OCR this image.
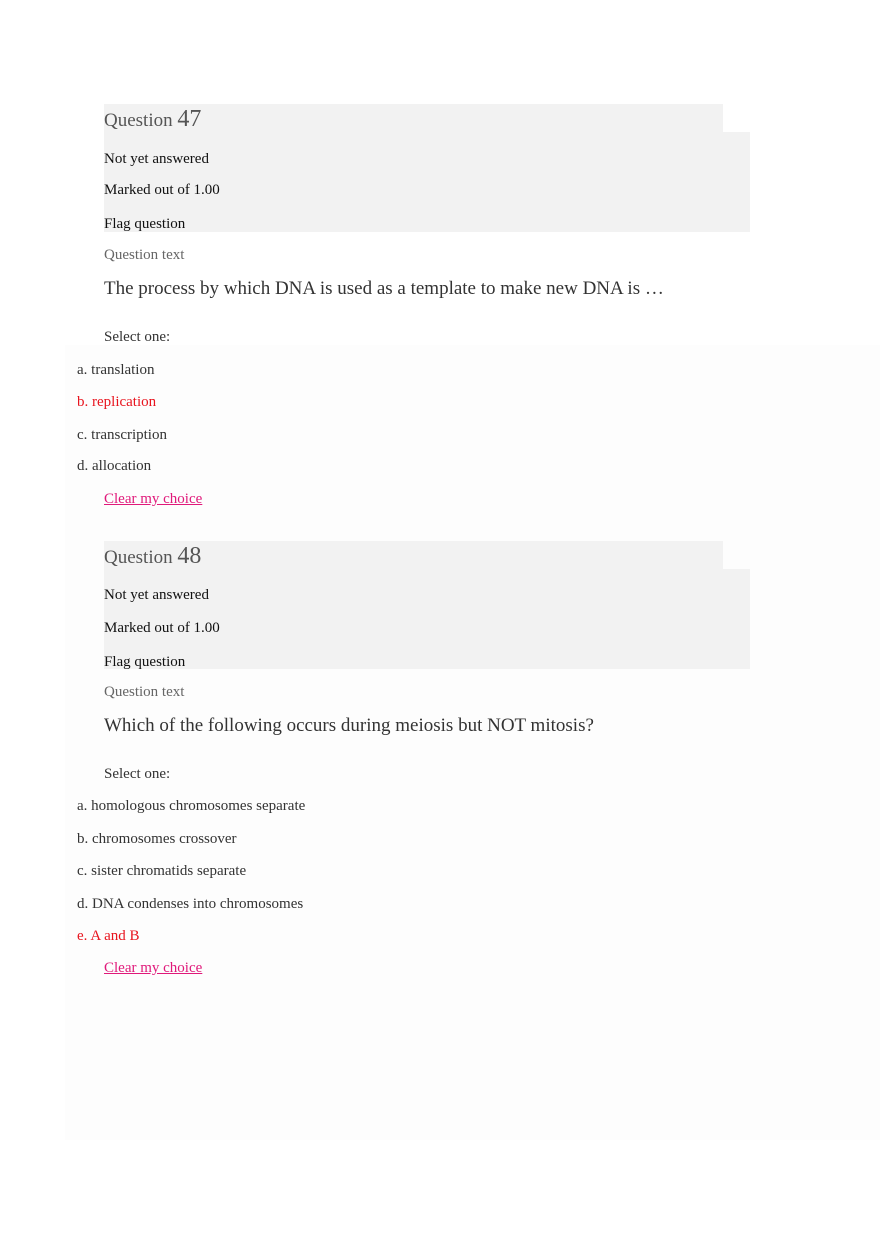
Question 47
Not yet answered
Marked out of 1.00
Flag question
Question text
The process by which DNA is used as a template to make new DNA is …
Select one:
a. translation
b. replication
c. transcription
d. allocation
Clear my choice
Question 48
Not yet answered
Marked out of 1.00
Flag question
Question text
Which of the following occurs during meiosis but NOT mitosis?
Select one:
a. homologous chromosomes separate
b. chromosomes crossover
c. sister chromatids separate
d. DNA condenses into chromosomes
e. A and B
Clear my choice
